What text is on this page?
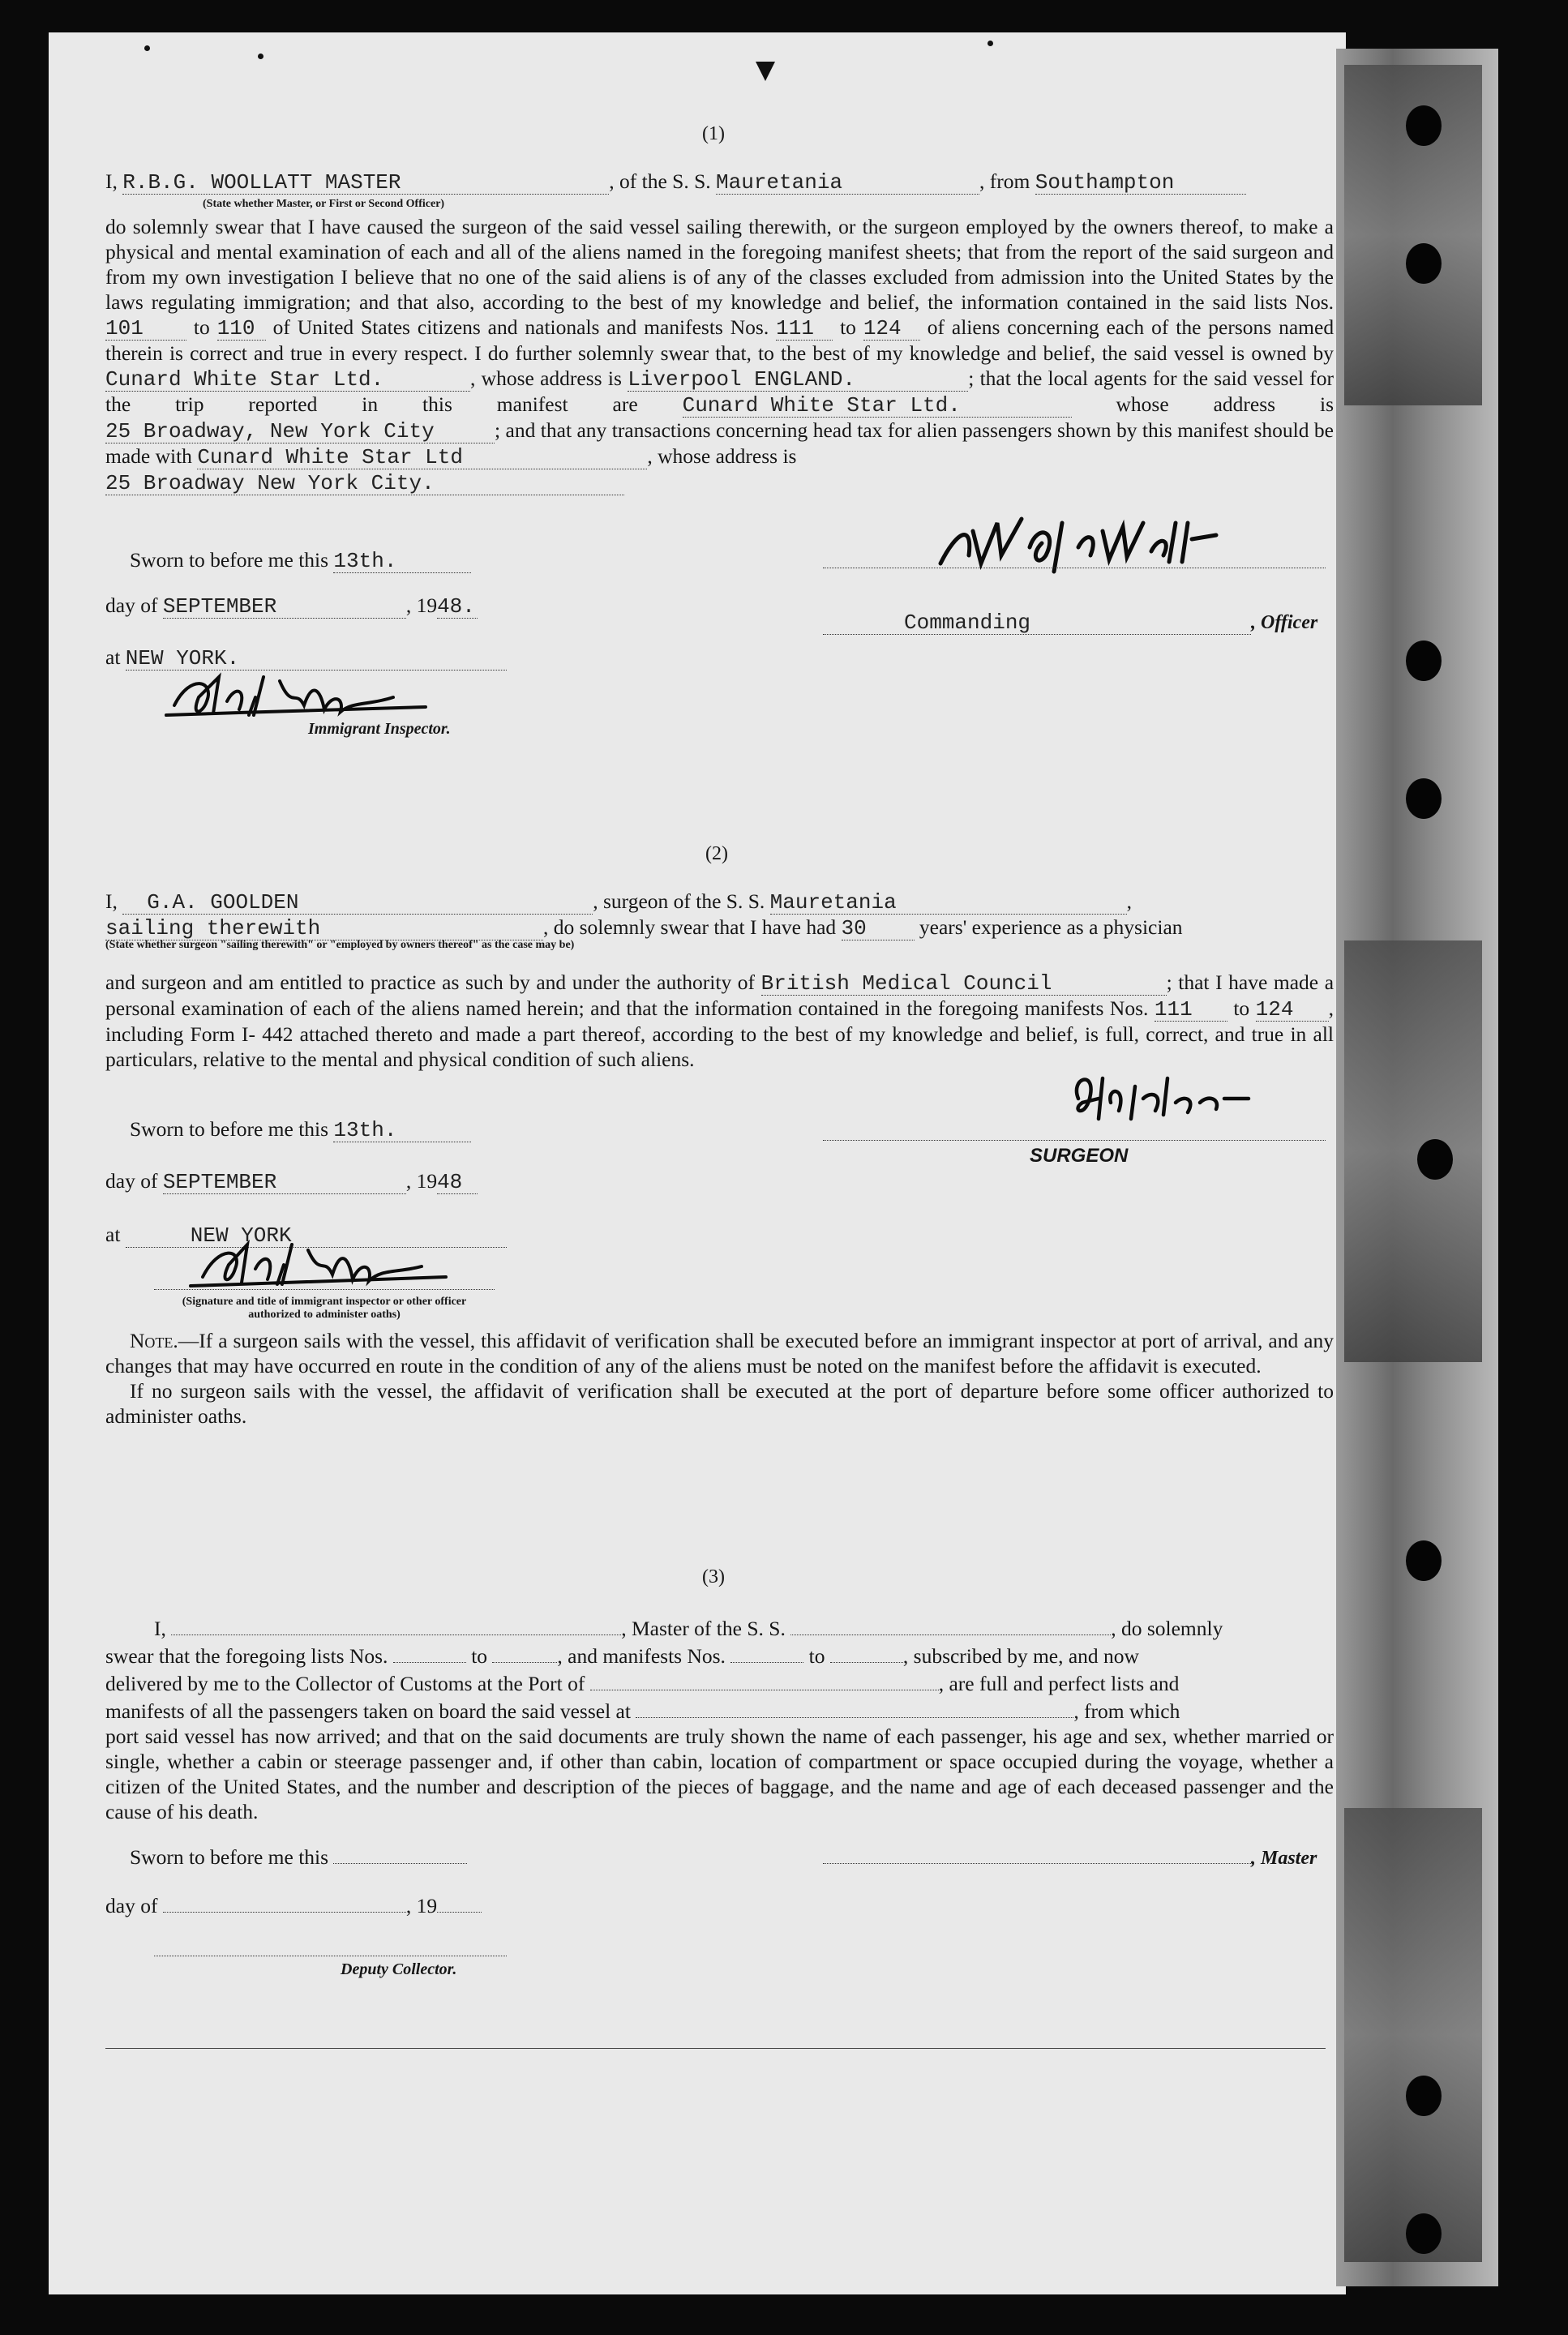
(1)

I, R.B.G. WOOLLATT MASTER	, of the S. S. Mauretania	, from Southampton

(State whether Master, or First or Second Officer)

do solemnly swear that I have caused the surgeon of the said vessel sailing therewith, or the surgeon employed by the owners thereof, to make a physical and mental examination of each and all of the aliens named in the foregoing manifest sheets; that from the report of the said surgeon and from my own investigation I believe that no one of the said aliens is of any of the classes excluded from admission into the United States by the laws regulating immigration; and that also, according to the best of my knowledge and belief, the information contained in the said lists Nos. 101 to 110 of United States citizens and nationals and manifests Nos. 111 to 124 of aliens concerning each of the persons named therein is correct and true in every respect. I do further solemnly swear that, to the best of my knowledge and belief, the said vessel is owned by Cunard White Star Ltd.	, whose address is Liverpool ENGLAND.	; that the local agents for the said vessel for the trip reported in this manifest are Cunard White Star Ltd.	whose address is 25 Broadway, New York City	; and that any transactions concerning head tax for alien passengers shown by this manifest should be made with Cunard White Star Ltd	, whose address is

25 Broadway New York City.

Sworn to before me this 13th.
day of SEPTEMBER	, 1948.
at NEW YORK.
Immigrant Inspector.
Commanding	, Officer
(2)

I, G.A. GOOLDEN	, surgeon of the S. S. Mauretania	,

sailing therewith	, do solemnly swear that I have had 30	years' experience as a physician

(State whether surgeon "sailing therewith" or "employed by owners thereof" as the case may be)

and surgeon and am entitled to practice as such by and under the authority of British Medical Council	; that I have made a personal examination of each of the aliens named herein; and that the information contained in the foregoing manifests Nos. 111 to 124 , including Form I- 442 attached thereto and made a part thereof, according to the best of my knowledge and belief, is full, correct, and true in all particulars, relative to the mental and physical condition of such aliens.

Sworn to before me this 13th.
day of SEPTEMBER	, 1948
at	NEW YORK
(Signature and title of immigrant inspector or other officer authorized to administer oaths)
SURGEON

Note.—If a surgeon sails with the vessel, this affidavit of verification shall be executed before an immigrant inspector at port of arrival, and any changes that may have occurred en route in the condition of any of the aliens must be noted on the manifest before the affidavit is executed.

If no surgeon sails with the vessel, the affidavit of verification shall be executed at the port of departure before some officer authorized to administer oaths.

(3)

I,	, Master of the S. S.	, do solemnly

swear that the foregoing lists Nos.	to	, and manifests Nos.	to	, subscribed by me, and now

delivered by me to the Collector of Customs at the Port of	, are full and perfect lists and

manifests of all the passengers taken on board the said vessel at	, from which

port said vessel has now arrived; and that on the said documents are truly shown the name of each passenger, his age and sex, whether married or single, whether a cabin or steerage passenger and, if other than cabin, location of compartment or space occupied during the voyage, whether a citizen of the United States, and the number and description of the pieces of baggage, and the name and age of each deceased passenger and the cause of his death.

Sworn to before me this
day of	, 19
Deputy Collector.
, Master
